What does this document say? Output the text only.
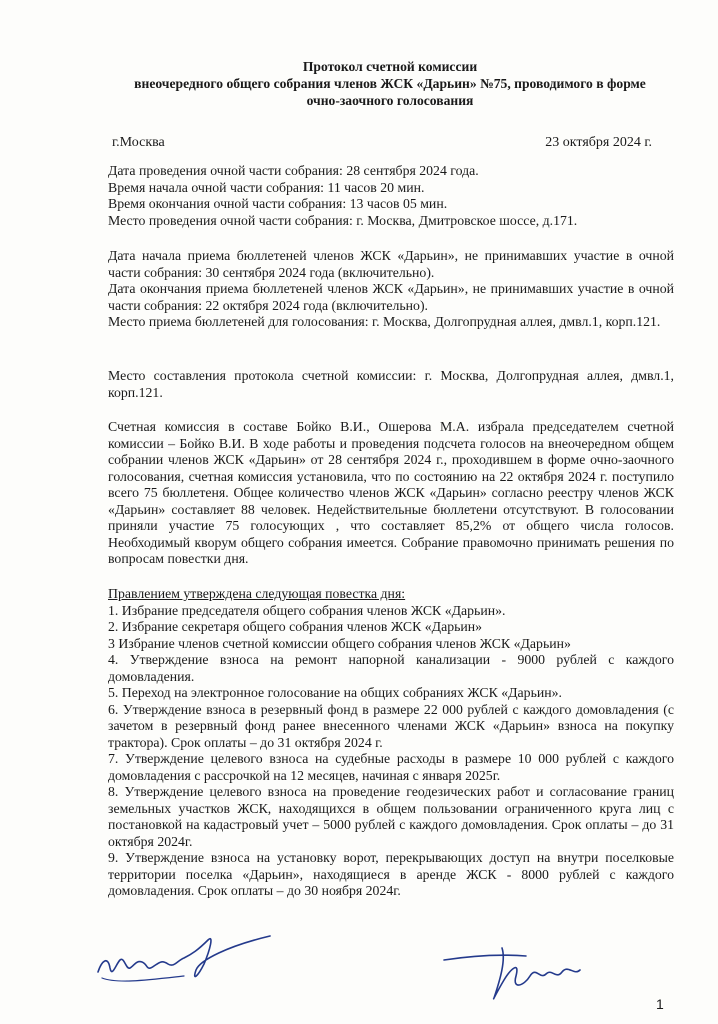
Протокол счетной комиссии
внеочередного общего собрания членов ЖСК «Дарьин» №75, проводимого в форме
очно-заочного голосования
г.Москва	23 октября 2024 г.

Дата проведения очной части собрания: 28 сентября 2024 года.

Время начала очной части собрания: 11 часов 20 мин.

Время окончания очной части собрания: 13 часов 05 мин.

Место проведения очной части собрания: г. Москва, Дмитровское шоссе, д.171.

Дата начала приема бюллетеней членов ЖСК «Дарьин», не принимавших участие в очной части собрания: 30 сентября 2024 года (включительно).

Дата окончания приема бюллетеней членов ЖСК «Дарьин», не принимавших участие в очной части собрания: 22 октября 2024 года (включительно).

Место приема бюллетеней для голосования: г. Москва, Долгопрудная аллея, дмвл.1, корп.121.

Место составления протокола счетной комиссии: г. Москва, Долгопрудная аллея, дмвл.1, корп.121.

Счетная комиссия в составе Бойко В.И., Ошерова М.А. избрала председателем счетной комиссии – Бойко В.И. В ходе работы и проведения подсчета голосов на внеочередном общем собрании членов ЖСК «Дарьин» от 28 сентября 2024 г., проходившем в форме очно-заочного голосования, счетная комиссия установила, что по состоянию на 22 октября 2024 г. поступило всего 75 бюллетеня. Общее количество членов ЖСК «Дарьин» согласно реестру членов ЖСК «Дарьин» составляет 88 человек. Недействительные бюллетени отсутствуют. В голосовании приняли участие 75 голосующих , что составляет 85,2% от общего числа голосов. Необходимый кворум общего собрания имеется. Собрание правомочно принимать решения по вопросам повестки дня.

Правлением утверждена следующая повестка дня:

1. Избрание председателя общего собрания членов ЖСК «Дарьин».

2. Избрание секретаря общего собрания членов ЖСК «Дарьин»

3 Избрание членов счетной комиссии общего собрания членов ЖСК «Дарьин»

4. Утверждение взноса на ремонт напорной канализации - 9000 рублей с каждого домовладения.

5. Переход на электронное голосование на общих собраниях ЖСК «Дарьин».

6. Утверждение взноса в резервный фонд в размере 22 000 рублей с каждого домовладения (с зачетом в резервный фонд ранее внесенного членами ЖСК «Дарьин» взноса на покупку трактора). Срок оплаты – до 31 октября 2024 г.

7. Утверждение целевого взноса на судебные расходы в размере 10 000 рублей с каждого домовладения с рассрочкой на 12 месяцев, начиная с января 2025г.

8. Утверждение целевого взноса на проведение геодезических работ и согласование границ земельных участков ЖСК, находящихся в общем пользовании ограниченного круга лиц с постановкой на кадастровый учет – 5000 рублей с каждого домовладения. Срок оплаты – до 31 октября 2024г.

9. Утверждение взноса на установку ворот, перекрывающих доступ на внутри поселковые территории поселка «Дарьин», находящиеся в аренде ЖСК - 8000 рублей с каждого домовладения. Срок оплаты – до 30 ноября 2024г.

1
